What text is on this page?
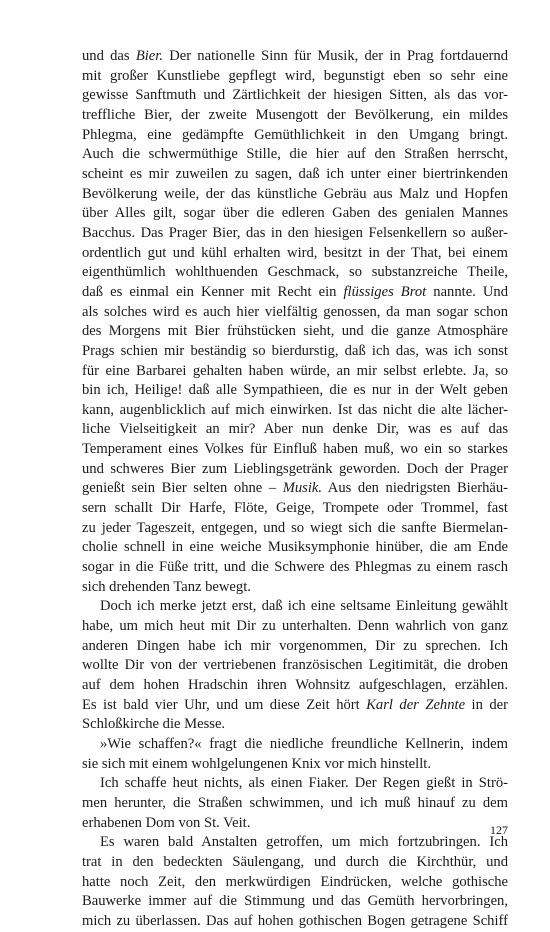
und das Bier. Der nationelle Sinn für Musik, der in Prag fortdauernd
mit großer Kunstliebe gepflegt wird, begunstigt eben so sehr eine
gewisse Sanftmuth und Zärtlichkeit der hiesigen Sitten, als das vor-
treffliche Bier, der zweite Musengott der Bevölkerung, ein mildes
Phlegma, eine gedämpfte Gemüthlichkeit in den Umgang bringt.
Auch die schwermüthige Stille, die hier auf den Straßen herrscht,
scheint es mir zuweilen zu sagen, daß ich unter einer biertrinkenden
Bevölkerung weile, der das künstliche Gebräu aus Malz und Hopfen
über Alles gilt, sogar über die edleren Gaben des genialen Mannes
Bacchus. Das Prager Bier, das in den hiesigen Felsenkellern so außer-
ordentlich gut und kühl erhalten wird, besitzt in der That, bei einem
eigenthümlich wohlthuenden Geschmack, so substanzreiche Theile,
daß es einmal ein Kenner mit Recht ein flüssiges Brot nannte. Und
als solches wird es auch hier vielfältig genossen, da man sogar schon
des Morgens mit Bier frühstücken sieht, und die ganze Atmosphäre
Prags schien mir beständig so bierdurstig, daß ich das, was ich sonst
für eine Barbarei gehalten haben würde, an mir selbst erlebte. Ja, so
bin ich, Heilige! daß alle Sympathieen, die es nur in der Welt geben
kann, augenblicklich auf mich einwirken. Ist das nicht die alte lächer-
liche Vielseitigkeit an mir? Aber nun denke Dir, was es auf das
Temperament eines Volkes für Einfluß haben muß, wo ein so starkes
und schweres Bier zum Lieblingsgetränk geworden. Doch der Prager
genießt sein Bier selten ohne – Musik. Aus den niedrigsten Bierhäu-
sern schallt Dir Harfe, Flöte, Geige, Trompete oder Trommel, fast
zu jeder Tageszeit, entgegen, und so wiegt sich die sanfte Biermelan-
cholie schnell in eine weiche Musiksymphonie hinüber, die am Ende
sogar in die Füße tritt, und die Schwere des Phlegmas zu einem rasch
sich drehenden Tanz bewegt.
Doch ich merke jetzt erst, daß ich eine seltsame Einleitung gewählt
habe, um mich heut mit Dir zu unterhalten. Denn wahrlich von ganz
anderen Dingen habe ich mir vorgenommen, Dir zu sprechen. Ich
wollte Dir von der vertriebenen französischen Legitimität, die droben
auf dem hohen Hradschin ihren Wohnsitz aufgeschlagen, erzählen.
Es ist bald vier Uhr, und um diese Zeit hört Karl der Zehnte in der
Schloßkirche die Messe.
»Wie schaffen?« fragt die niedliche freundliche Kellnerin, indem
sie sich mit einem wohlgelungenen Knix vor mich hinstellt.
Ich schaffe heut nichts, als einen Fiaker. Der Regen gießt in Strö-
men herunter, die Straßen schwimmen, und ich muß hinauf zu dem
erhabenen Dom von St. Veit.
Es waren bald Anstalten getroffen, um mich fortzubringen. Ich
trat in den bedeckten Säulengang, und durch die Kirchthür, und
hatte noch Zeit, den merkwürdigen Eindrücken, welche gothische
Bauwerke immer auf die Stimmung und das Gemüth hervorbringen,
mich zu überlassen. Das auf hohen gothischen Bogen getragene Schiff
127
